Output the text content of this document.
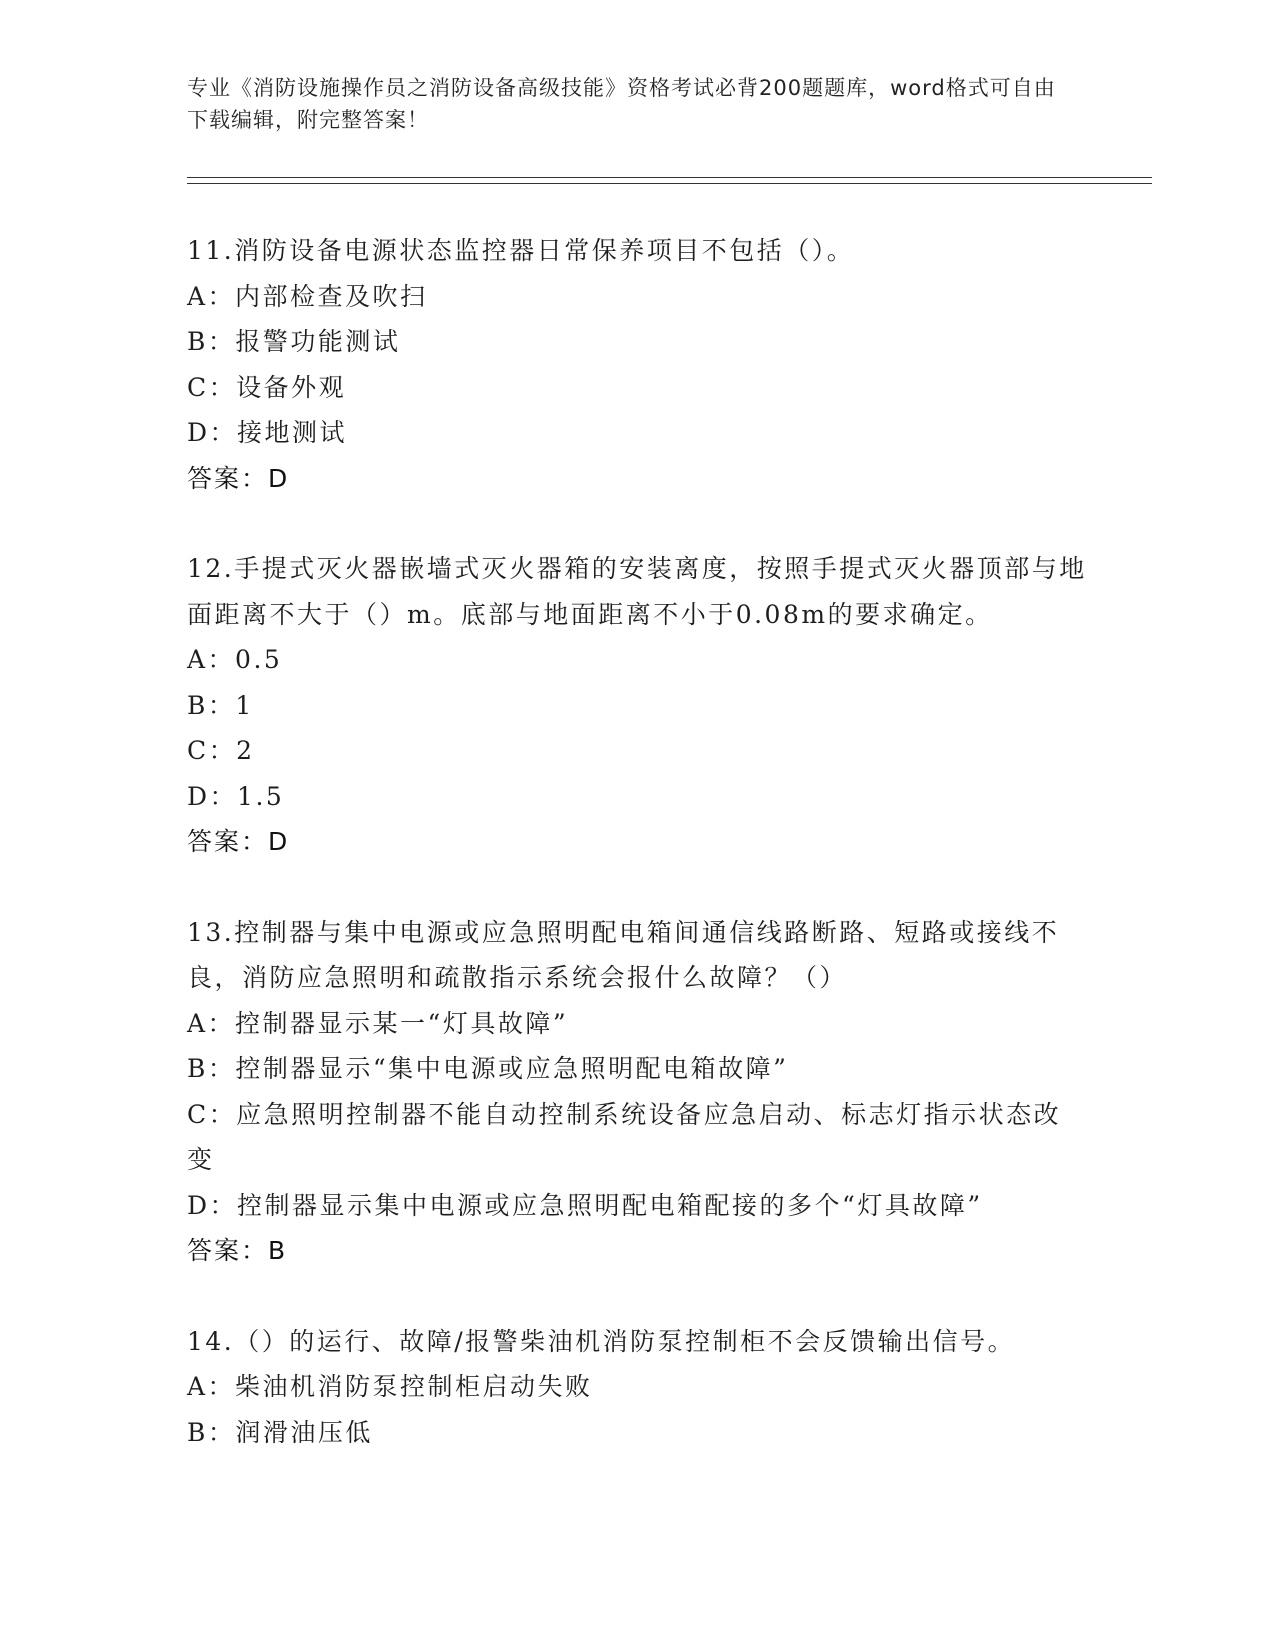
专业《消防设施操作员之消防设备高级技能》资格考试必背200题题库，word格式可自由下载编辑，附完整答案！

11.消防设备电源状态监控器日常保养项目不包括（）。

A：内部检查及吹扫

B：报警功能测试

C：设备外观

D：接地测试

答案：D

12.手提式灭火器嵌墙式灭火器箱的安装离度，按照手提式灭火器顶部与地面距离不大于（）m。底部与地面距离不小于0.08m的要求确定。

A：0.5

B：1

C：2

D：1.5

答案：D

13.控制器与集中电源或应急照明配电箱间通信线路断路、短路或接线不良，消防应急照明和疏散指示系统会报什么故障？（）

A：控制器显示某一“灯具故障”

B：控制器显示“集中电源或应急照明配电箱故障”

C：应急照明控制器不能自动控制系统设备应急启动、标志灯指示状态改变

D：控制器显示集中电源或应急照明配电箱配接的多个“灯具故障”

答案：B

14.（）的运行、故障/报警柴油机消防泵控制柜不会反馈输出信号。

A：柴油机消防泵控制柜启动失败

B：润滑油压低
